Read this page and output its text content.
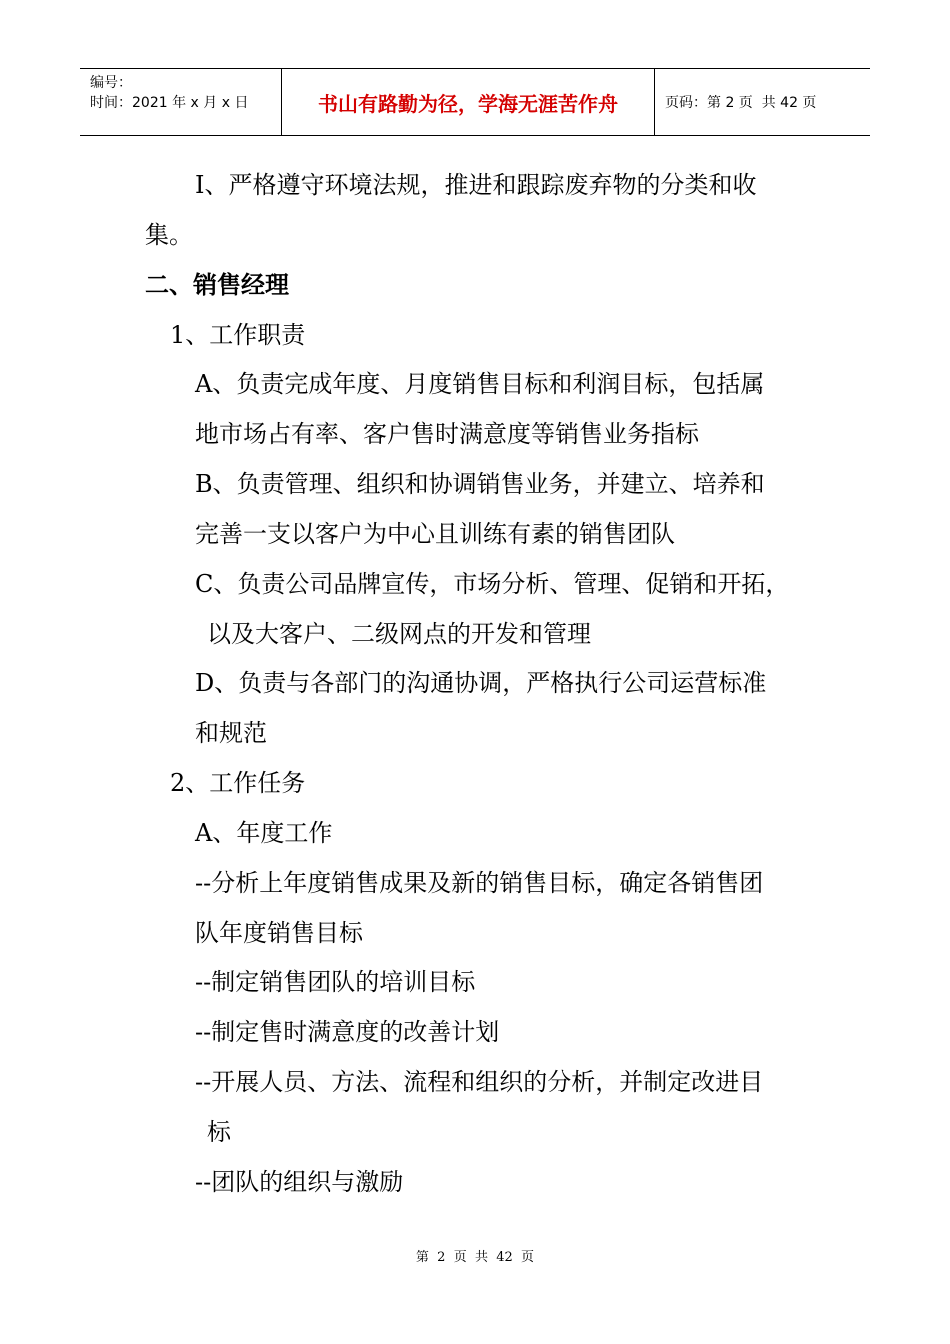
编号：
时间：2021 年 x 月 x 日	书山有路勤为径，学海无涯苦作舟	页码：第 2 页  共 42 页
I、严格遵守环境法规，推进和跟踪废弃物的分类和收
集。
二、销售经理
1、工作职责
A、负责完成年度、月度销售目标和利润目标，包括属
地市场占有率、客户售时满意度等销售业务指标
B、负责管理、组织和协调销售业务，并建立、培养和
完善一支以客户为中心且训练有素的销售团队
C、负责公司品牌宣传，市场分析、管理、促销和开拓，
以及大客户、二级网点的开发和管理
D、负责与各部门的沟通协调，严格执行公司运营标准
和规范
2、工作任务
A、年度工作
--分析上年度销售成果及新的销售目标，确定各销售团
队年度销售目标
--制定销售团队的培训目标
--制定售时满意度的改善计划
--开展人员、方法、流程和组织的分析，并制定改进目
标
--团队的组织与激励
第  2  页  共  42  页
